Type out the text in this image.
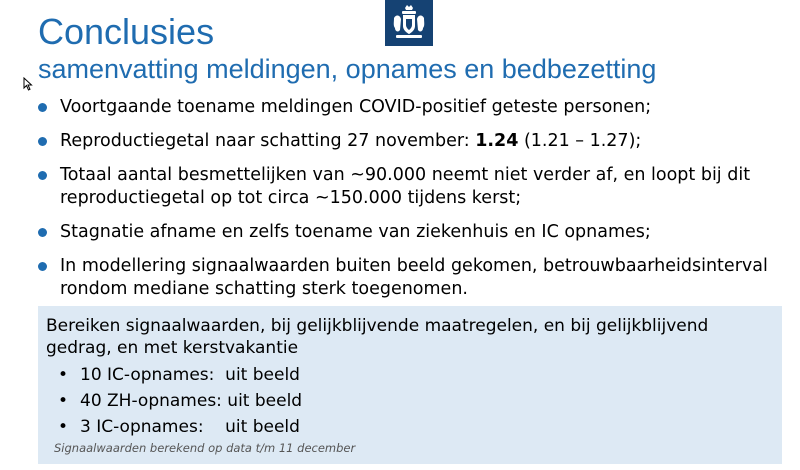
Conclusies
samenvatting meldingen, opnames en bedbezetting
Voortgaande toename meldingen COVID-positief geteste personen;
Reproductiegetal naar schatting 27 november: 1.24 (1.21 – 1.27);
Totaal aantal besmettelijken van ~90.000 neemt niet verder af, en loopt bij dit
reproductiegetal op tot circa ~150.000 tijdens kerst;
Stagnatie afname en zelfs toename van ziekenhuis en IC opnames;
In modellering signaalwaarden buiten beeld gekomen, betrouwbaarheidsinterval
rondom mediane schatting sterk toegenomen.
Bereiken signaalwaarden, bij gelijkblijvende maatregelen, en bij gelijkblijvend gedrag, en met kerstvakantie
• 10 IC-opnames:  uit beeld
• 40 ZH-opnames: uit beeld
• 3 IC-opnames:    uit beeld
Signaalwaarden berekend op data t/m 11 december
